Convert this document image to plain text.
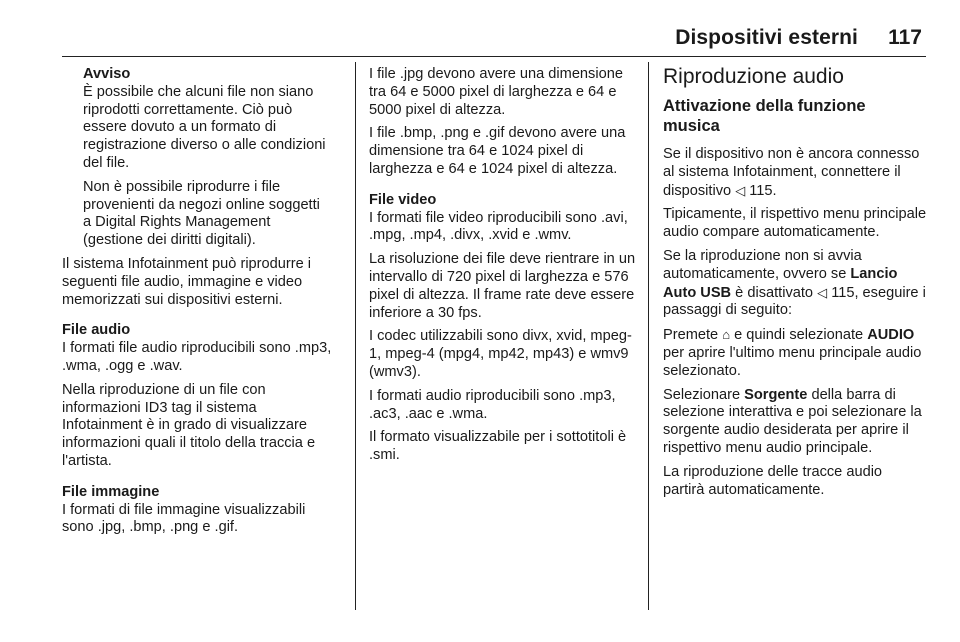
Dispositivi esterni 117
Avviso

È possibile che alcuni file non siano riprodotti correttamente. Ciò può essere dovuto a un formato di registrazione diverso o alle condizioni del file.

Non è possibile riprodurre i file provenienti da negozi online soggetti a Digital Rights Management (gestione dei diritti digitali).

Il sistema Infotainment può riprodurre i seguenti file audio, immagine e video memorizzati sui dispositivi esterni.

File audio

I formati file audio riproducibili sono .mp3, .wma, .ogg e .wav.

Nella riproduzione di un file con informazioni ID3 tag il sistema Infotainment è in grado di visualizzare informazioni quali il titolo della traccia e l'artista.

File immagine

I formati di file immagine visualizzabili sono .jpg, .bmp, .png e .gif.

I file .jpg devono avere una dimensione tra 64 e 5000 pixel di larghezza e 64 e 5000 pixel di altezza.

I file .bmp, .png e .gif devono avere una dimensione tra 64 e 1024 pixel di larghezza e 64 e 1024 pixel di altezza.

File video

I formati file video riproducibili sono .avi, .mpg, .mp4, .divx, .xvid e .wmv.

La risoluzione dei file deve rientrare in un intervallo di 720 pixel di larghezza e 576 pixel di altezza. Il frame rate deve essere inferiore a 30 fps.

I codec utilizzabili sono divx, xvid, mpeg-1, mpeg-4 (mpg4, mp42, mp43) e wmv9 (wmv3).

I formati audio riproducibili sono .mp3, .ac3, .aac e .wma.

Il formato visualizzabile per i sottotitoli è .smi.

Riproduzione audio
Attivazione della funzione musica

Se il dispositivo non è ancora connesso al sistema Infotainment, connettere il dispositivo ◁ 115.

Tipicamente, il rispettivo menu principale audio compare automaticamente.

Se la riproduzione non si avvia automaticamente, ovvero se Lancio Auto USB è disattivato ◁ 115, eseguire i passaggi di seguito:

Premete ⌂ e quindi selezionate AUDIO per aprire l'ultimo menu principale audio selezionato.

Selezionare Sorgente della barra di selezione interattiva e poi selezionare la sorgente audio desiderata per aprire il rispettivo menu audio principale.

La riproduzione delle tracce audio partirà automaticamente.
